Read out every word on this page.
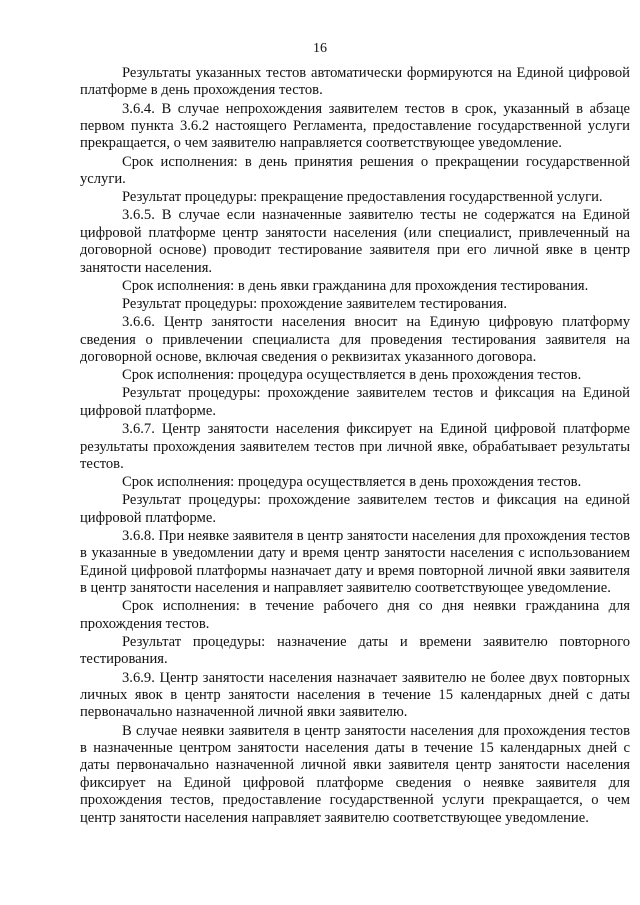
16

Результаты указанных тестов автоматически формируются на Единой цифровой платформе в день прохождения тестов.

3.6.4. В случае непрохождения заявителем тестов в срок, указанный в абзаце первом пункта 3.6.2 настоящего Регламента, предоставление государственной услуги прекращается, о чем заявителю направляется соответствующее уведомление.

Срок исполнения: в день принятия решения о прекращении государственной услуги.

Результат процедуры: прекращение предоставления государственной услуги.

3.6.5. В случае если назначенные заявителю тесты не содержатся на Единой цифровой платформе центр занятости населения (или специалист, привлеченный на договорной основе) проводит тестирование заявителя при его личной явке в центр занятости населения.

Срок исполнения: в день явки гражданина для прохождения тестирования.

Результат процедуры: прохождение заявителем тестирования.

3.6.6. Центр занятости населения вносит на Единую цифровую платформу сведения о привлечении специалиста для проведения тестирования заявителя на договорной основе, включая сведения о реквизитах указанного договора.

Срок исполнения: процедура осуществляется в день прохождения тестов.

Результат процедуры: прохождение заявителем тестов и фиксация на Единой цифровой платформе.

3.6.7. Центр занятости населения фиксирует на Единой цифровой платформе результаты прохождения заявителем тестов при личной явке, обрабатывает результаты тестов.

Срок исполнения: процедура осуществляется в день прохождения тестов.

Результат процедуры: прохождение заявителем тестов и фиксация на единой цифровой платформе.

3.6.8. При неявке заявителя в центр занятости населения для прохождения тестов в указанные в уведомлении дату и время центр занятости населения с использованием Единой цифровой платформы назначает дату и время повторной личной явки заявителя в центр занятости населения и направляет заявителю соответствующее уведомление.

Срок исполнения: в течение рабочего дня со дня неявки гражданина для прохождения тестов.

Результат процедуры: назначение даты и времени заявителю повторного тестирования.

3.6.9. Центр занятости населения назначает заявителю не более двух повторных личных явок в центр занятости населения в течение 15 календарных дней с даты первоначально назначенной личной явки заявителю.

В случае неявки заявителя в центр занятости населения для прохождения тестов в назначенные центром занятости населения даты в течение 15 календарных дней с даты первоначально назначенной личной явки заявителя центр занятости населения фиксирует на Единой цифровой платформе сведения о неявке заявителя для прохождения тестов, предоставление государственной услуги прекращается, о чем центр занятости населения направляет заявителю соответствующее уведомление.
